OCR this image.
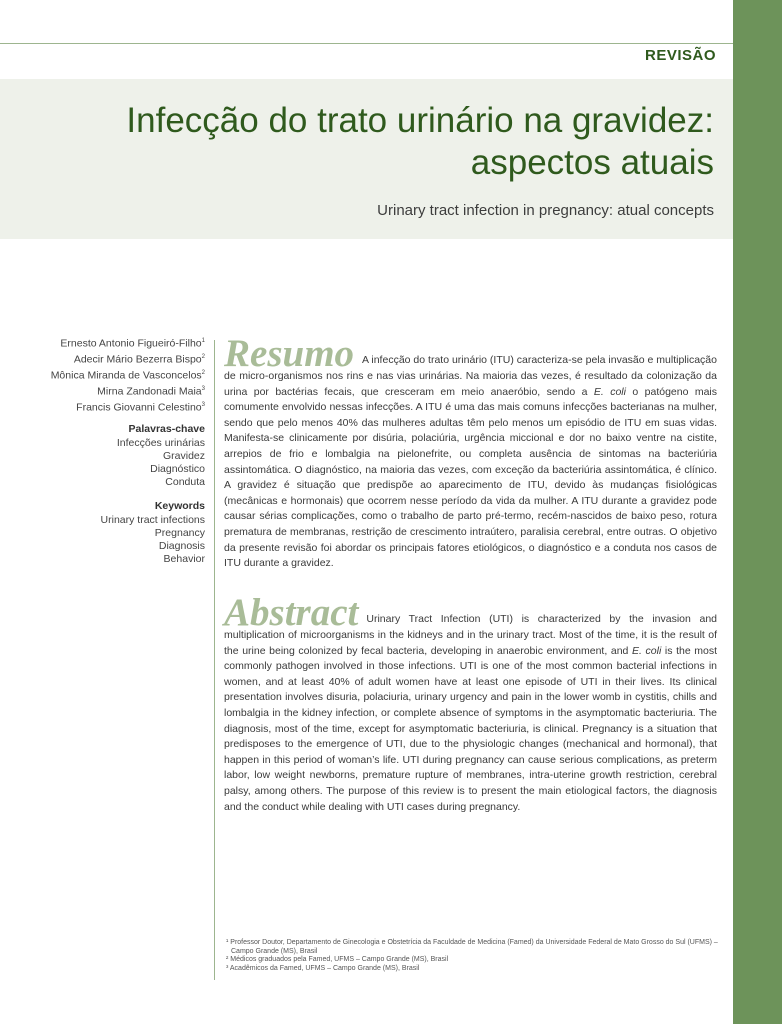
REVISÃO
Infecção do trato urinário na gravidez:
aspectos atuais
Urinary tract infection in pregnancy: atual concepts
Ernesto Antonio Figueiró-Filho$^1$
Adecir Mário Bezerra Bispo$^2$
Mônica Miranda de Vasconcelos$^2$
Mirna Zandonadi Maia$^3$
Francis Giovanni Celestino$^3$
Palavras-chave
Infecções urinárias
Gravidez
Diagnóstico
Conduta
Keywords
Urinary tract infections
Pregnancy
Diagnosis
Behavior

Resumo A infecção do trato urinário (ITU) caracteriza-se pela invasão e multiplicação de micro-organismos nos rins e nas vias urinárias. Na maioria das vezes, é resultado da colonização da urina por bactérias fecais, que cresceram em meio anaeróbio, sendo a E. coli o patógeno mais comumente envolvido nessas infecções. A ITU é uma das mais comuns infecções bacterianas na mulher, sendo que pelo menos 40% das mulheres adultas têm pelo menos um episódio de ITU em suas vidas. Manifesta-se clinicamente por disúria, polaciúria, urgência miccional e dor no baixo ventre na cistite, arrepios de frio e lombalgia na pielonefrite, ou completa ausência de sintomas na bacteriúria assintomática. O diagnóstico, na maioria das vezes, com exceção da bacteriúria assintomática, é clínico. A gravidez é situação que predispõe ao aparecimento de ITU, devido às mudanças fisiológicas (mecânicas e hormonais) que ocorrem nesse período da vida da mulher. A ITU durante a gravidez pode causar sérias complicações, como o trabalho de parto pré-termo, recém-nascidos de baixo peso, rotura prematura de membranas, restrição de crescimento intraútero, paralisia cerebral, entre outras. O objetivo da presente revisão foi abordar os principais fatores etiológicos, o diagnóstico e a conduta nos casos de ITU durante a gravidez.

Abstract Urinary Tract Infection (UTI) is characterized by the invasion and multiplication of microorganisms in the kidneys and in the urinary tract. Most of the time, it is the result of the urine being colonized by fecal bacteria, developing in anaerobic environment, and E. coli is the most commonly pathogen involved in those infections. UTI is one of the most common bacterial infections in women, and at least 40% of adult women have at least one episode of UTI in their lives. Its clinical presentation involves disuria, polaciuria, urinary urgency and pain in the lower womb in cystitis, chills and lombalgia in the kidney infection, or complete absence of symptoms in the asymptomatic bacteriuria. The diagnosis, most of the time, except for asymptomatic bacteriuria, is clinical. Pregnancy is a situation that predisposes to the emergence of UTI, due to the physiologic changes (mechanical and hormonal), that happen in this period of woman’s life. UTI during pregnancy can cause serious complications, as preterm labor, low weight newborns, premature rupture of membranes, intra-uterine growth restriction, cerebral palsy, among others. The purpose of this review is to present the main etiological factors, the diagnosis and the conduct while dealing with UTI cases during pregnancy.

¹ Professor Doutor, Departamento de Ginecologia e Obstetrícia da Faculdade de Medicina (Famed) da Universidade Federal de Mato Grosso do Sul (UFMS) – Campo Grande (MS), Brasil
² Médicos graduados pela Famed, UFMS – Campo Grande (MS), Brasil
³ Acadêmicos da Famed, UFMS – Campo Grande (MS), Brasil
